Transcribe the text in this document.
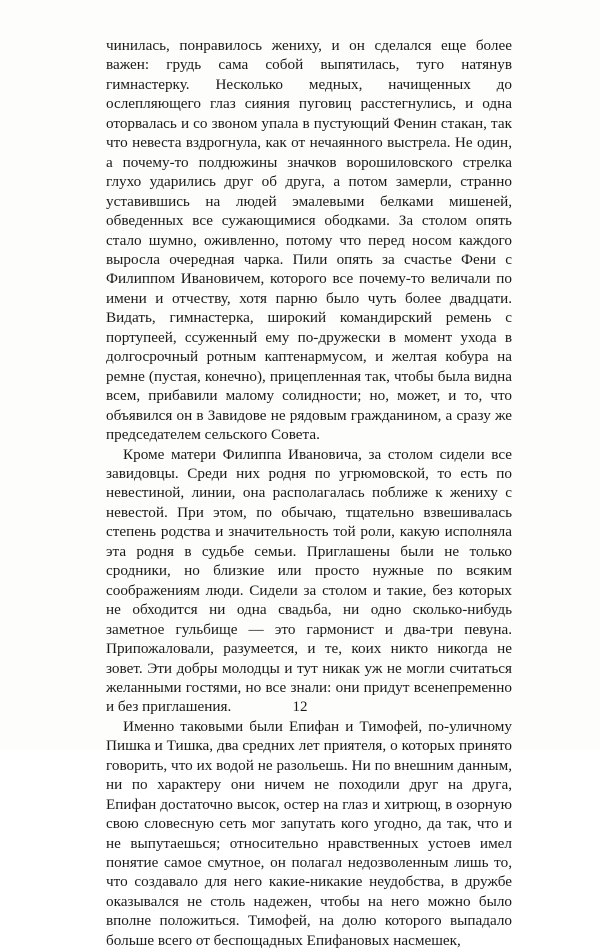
чинилась, понравилось жениху, и он сделался еще более важен: грудь сама собой выпятилась, туго натянув гимнастерку. Несколько медных, начищенных до ослепляющего глаз сияния пуговиц расстегнулись, и одна оторвалась и со звоном упала в пустующий Фенин стакан, так что невеста вздрогнула, как от нечаянного выстрела. Не один, а почему-то полдюжины значков ворошиловского стрелка глухо ударились друг об друга, а потом замерли, странно уставившись на людей эмалевыми белками мишеней, обведенных все сужающимися ободками. За столом опять стало шумно, оживленно, потому что перед носом каждого выросла очередная чарка. Пили опять за счастье Фени с Филиппом Ивановичем, которого все почему-то величали по имени и отчеству, хотя парню было чуть более двадцати. Видать, гимнастерка, широкий командирский ремень с портупеей, ссуженный ему по-дружески в момент ухода в долгосрочный ротным каптенармусом, и желтая кобура на ремне (пустая, конечно), прицепленная так, чтобы была видна всем, прибавили малому солидности; но, может, и то, что объявился он в Завидове не рядовым гражданином, а сразу же председателем сельского Совета.

Кроме матери Филиппа Ивановича, за столом сидели все завидовцы. Среди них родня по угрюмовской, то есть по невестиной, линии, она располагалась поближе к жениху с невестой. При этом, по обычаю, тщательно взвешивалась степень родства и значительность той роли, какую исполняла эта родня в судьбе семьи. Приглашены были не только сродники, но близкие или просто нужные по всяким соображениям люди. Сидели за столом и такие, без которых не обходится ни одна свадьба, ни одно сколько-нибудь заметное гульбище — это гармонист и два-три певуна. Припожаловали, разумеется, и те, коих никто никогда не зовет. Эти добры молодцы и тут никак уж не могли считаться желанными гостями, но все знали: они придут всенепременно и без приглашения.

Именно таковыми были Епифан и Тимофей, по-уличному Пишка и Тишка, два средних лет приятеля, о которых принято говорить, что их водой не разольешь. Ни по внешним данным, ни по характеру они ничем не походили друг на друга, Епифан достаточно высок, остер на глаз и хитрющ, в озорную свою словесную сеть мог запутать кого угодно, да так, что и не выпутаешься; относительно нравственных устоев имел понятие самое смутное, он полагал недозволенным лишь то, что создавало для него какие-никакие неудобства, в дружбе оказывался не столь надежен, чтобы на него можно было вполне положиться. Тимофей, на долю которого выпадало больше всего от беспощадных Епифановых насмешек,

12
